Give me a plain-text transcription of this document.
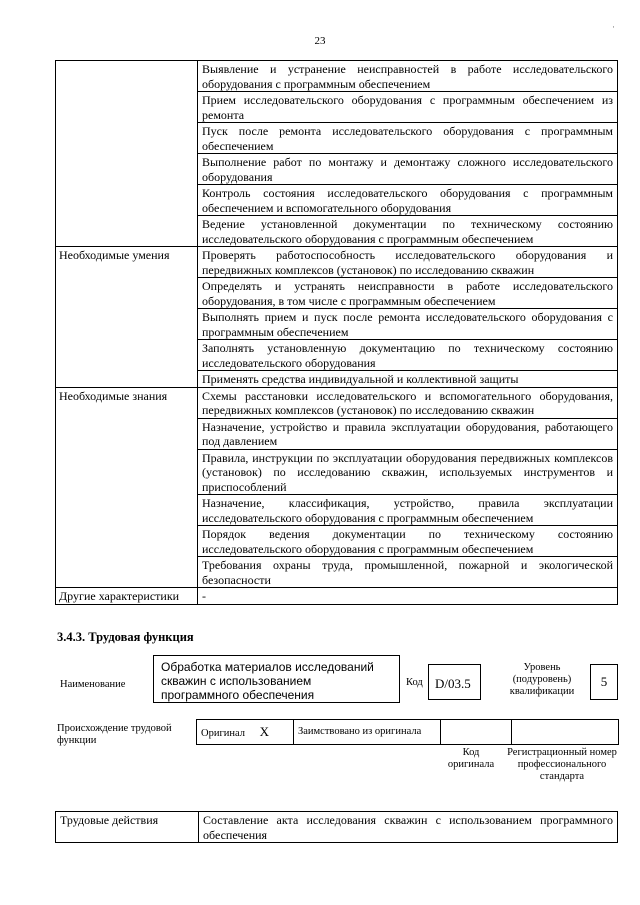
23
·
	Выявление и устранение неисправностей в работе исследовательского оборудования с программным обеспечением
	Прием исследовательского оборудования с программным обеспечением из ремонта
	Пуск после ремонта исследовательского оборудования с программным обеспечением
	Выполнение работ по монтажу и демонтажу сложного исследовательского оборудования
	Контроль состояния исследовательского оборудования с программным обеспечением и вспомогательного оборудования
	Ведение установленной документации по техническому состоянию исследовательского оборудования с программным обеспечением
Необходимые умения	Проверять работоспособность исследовательского оборудования и передвижных комплексов (установок) по исследованию скважин
	Определять и устранять неисправности в работе исследовательского оборудования, в том числе с программным обеспечением
	Выполнять прием и пуск после ремонта исследовательского оборудования с программным обеспечением
	Заполнять установленную документацию по техническому состоянию исследовательского оборудования
	Применять средства индивидуальной и коллективной защиты
Необходимые знания	Схемы расстановки исследовательского и вспомогательного оборудования, передвижных комплексов (установок) по исследованию скважин
	Назначение, устройство и правила эксплуатации оборудования, работающего под давлением
	Правила, инструкции по эксплуатации оборудования передвижных комплексов (установок) по исследованию скважин, используемых инструментов и приспособлений
	Назначение, классификация, устройство, правила эксплуатации исследовательского оборудования с программным обеспечением
	Порядок ведения документации по техническому состоянию исследовательского оборудования с программным обеспечением
	Требования охраны труда, промышленной, пожарной и экологической безопасности
Другие характеристики	-
3.4.3. Трудовая функция
Наименование
Обработка материалов исследований скважин с использованием программного обеспечения
Код D/03.5
Уровень (подуровень) квалификации
5
Происхождение трудовой функции
Оригинал X	Заимствовано из оригинала		
Код оригинала
Регистрационный номер профессионального стандарта
Трудовые действия	Составление акта исследования скважин с использованием программного обеспечения
